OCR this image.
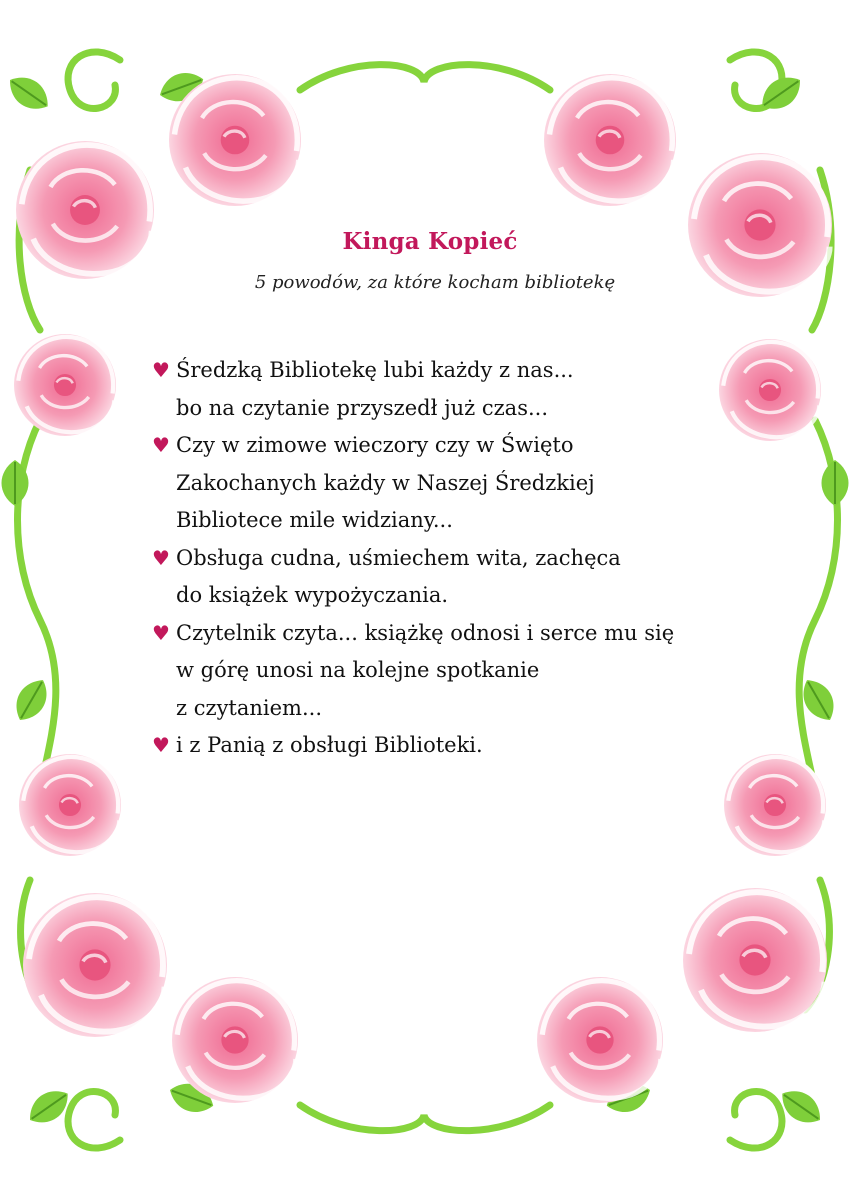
Kinga Kopieć
5 powodów, za które kocham bibliotekę
♥ Średzką Bibliotekę lubi każdy z nas...
bo na czytanie przyszedł już czas...
♥ Czy w zimowe wieczory czy w Święto
Zakochanych każdy w Naszej Średzkiej
Bibliotece mile widziany...
♥ Obsługa cudna, uśmiechem wita, zachęca
do książek wypożyczania.
♥ Czytelnik czyta... książkę odnosi i serce mu się
w górę unosi na kolejne spotkanie
z czytaniem...
♥ i z Panią z obsługi Biblioteki.
